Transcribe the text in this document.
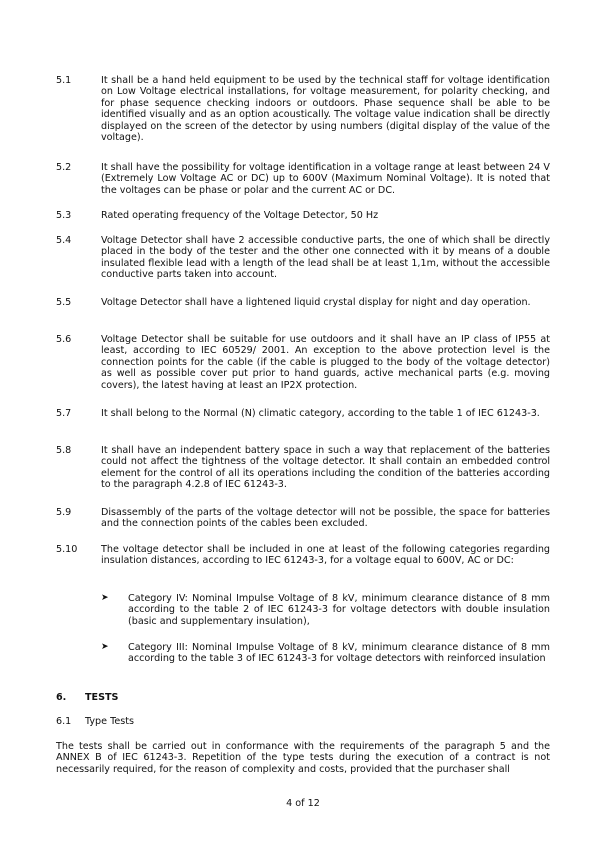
5.1	It shall be a hand held equipment to be used by the technical staff for voltage identification on Low Voltage electrical installations, for voltage measurement, for polarity checking, and for phase sequence checking indoors or outdoors. Phase sequence shall be able to be identified visually and as an option acoustically. The voltage value indication shall be directly displayed on the screen of the detector by using numbers (digital display of the value of the voltage).
5.2	It shall have the possibility for voltage identification in a voltage range at least between 24 V (Extremely Low Voltage AC or DC) up to 600V (Maximum Nominal Voltage). It is noted that the voltages can be phase or polar and the current AC or DC.
5.3	Rated operating frequency of the Voltage Detector, 50 Hz
5.4	Voltage Detector shall have 2 accessible conductive parts, the one of which shall be directly placed in the body of the tester and the other one connected with it by means of a double insulated flexible lead with a length of the lead shall be at least 1,1m, without the accessible conductive parts taken into account.
5.5	Voltage Detector shall have a lightened liquid crystal display for night and day operation.
5.6	Voltage Detector shall be suitable for use outdoors and it shall have an IP class of IP55 at least, according to IEC 60529/ 2001. An exception to the above protection level is the connection points for the cable (if the cable is plugged to the body of the voltage detector) as well as possible cover put prior to hand guards, active mechanical parts (e.g. moving covers), the latest having at least an IP2X protection.
5.7	It shall belong to the Normal (N) climatic category, according to the table 1 of IEC 61243-3.
5.8	It shall have an independent battery space in such a way that replacement of the batteries could not affect the tightness of the voltage detector. It shall contain an embedded control element for the control of all its operations including the condition of the batteries according to the paragraph 4.2.8 of IEC 61243-3.
5.9	Disassembly of the parts of the voltage detector will not be possible, the space for batteries and the connection points of the cables been excluded.
5.10 The voltage detector shall be included in one at least of the following categories regarding insulation distances, according to IEC 61243-3, for a voltage equal to 600V, AC or DC:
➤ Category IV: Nominal Impulse Voltage of 8 kV, minimum clearance distance of 8 mm according to the table 2 of IEC 61243-3 for voltage detectors with double insulation (basic and supplementary insulation),
➤ Category III: Nominal Impulse Voltage of 8 kV, minimum clearance distance of 8 mm according to the table 3 of IEC 61243-3 for voltage detectors with reinforced insulation
6. TESTS
6.1 Type Tests
The tests shall be carried out in conformance with the requirements of the paragraph 5 and the ANNEX B of IEC 61243-3. Repetition of the type tests during the execution of a contract is not necessarily required, for the reason of complexity and costs, provided that the purchaser shall
4 of 12
